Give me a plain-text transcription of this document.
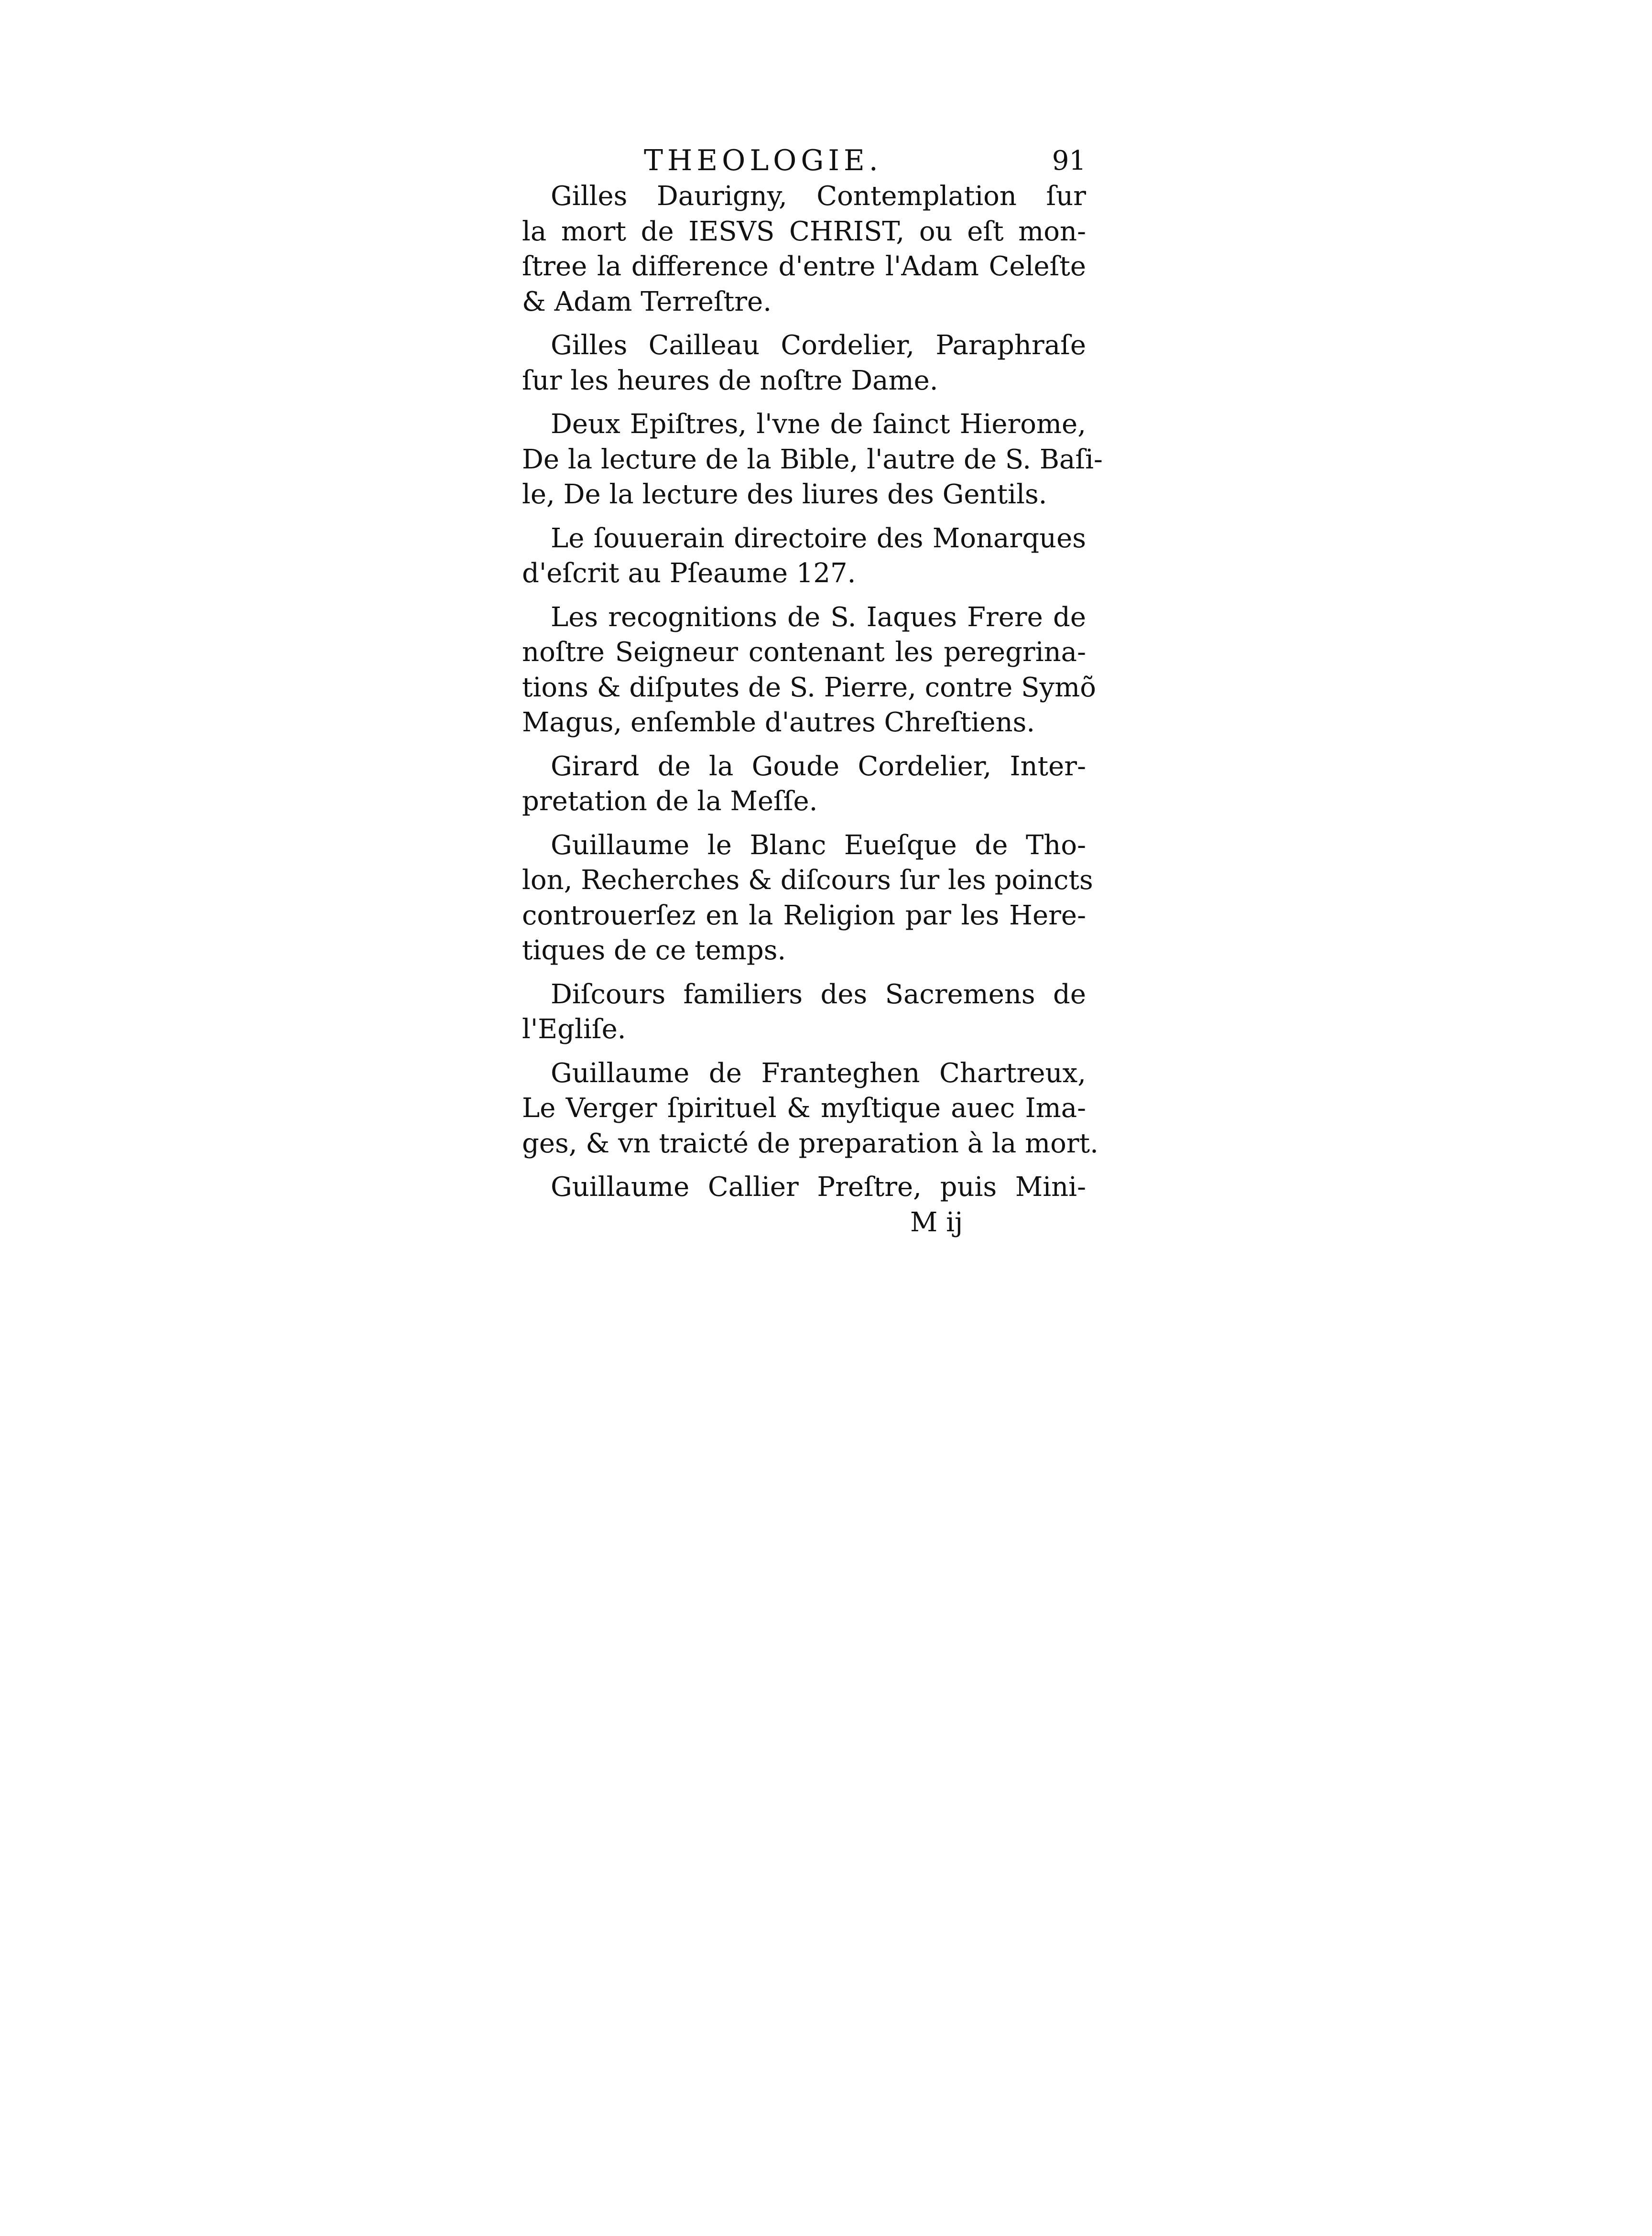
THEOLOGIE.	91
Gilles Daurigny, Contemplation ſur
la mort de IESVS CHRIST, ou eſt mon-
ſtree la difference d'entre l'Adam Celeſte
& Adam Terreſtre.
Gilles Cailleau Cordelier, Paraphraſe
ſur les heures de noſtre Dame.
Deux Epiſtres, l'vne de ſainct Hierome,
De la lecture de la Bible, l'autre de S. Baſi-
le, De la lecture des liures des Gentils.
Le ſouuerain directoire des Monarques
d'eſcrit au Pſeaume 127.
Les recognitions de S. Iaques Frere de
noſtre Seigneur contenant les peregrina-
tions & diſputes de S. Pierre, contre Symõ
Magus, enſemble d'autres Chreſtiens.
Girard de la Goude Cordelier, Inter-
pretation de la Meſſe.
Guillaume le Blanc Eueſque de Tho-
lon, Recherches & diſcours ſur les poincts
controuerſez en la Religion par les Here-
tiques de ce temps.
Diſcours familiers des Sacremens de
l'Egliſe.
Guillaume de Franteghen Chartreux,
Le Verger ſpirituel & myſtique auec Ima-
ges, & vn traicté de preparation à la mort.
Guillaume Callier Preſtre, puis Mini-
M ij
